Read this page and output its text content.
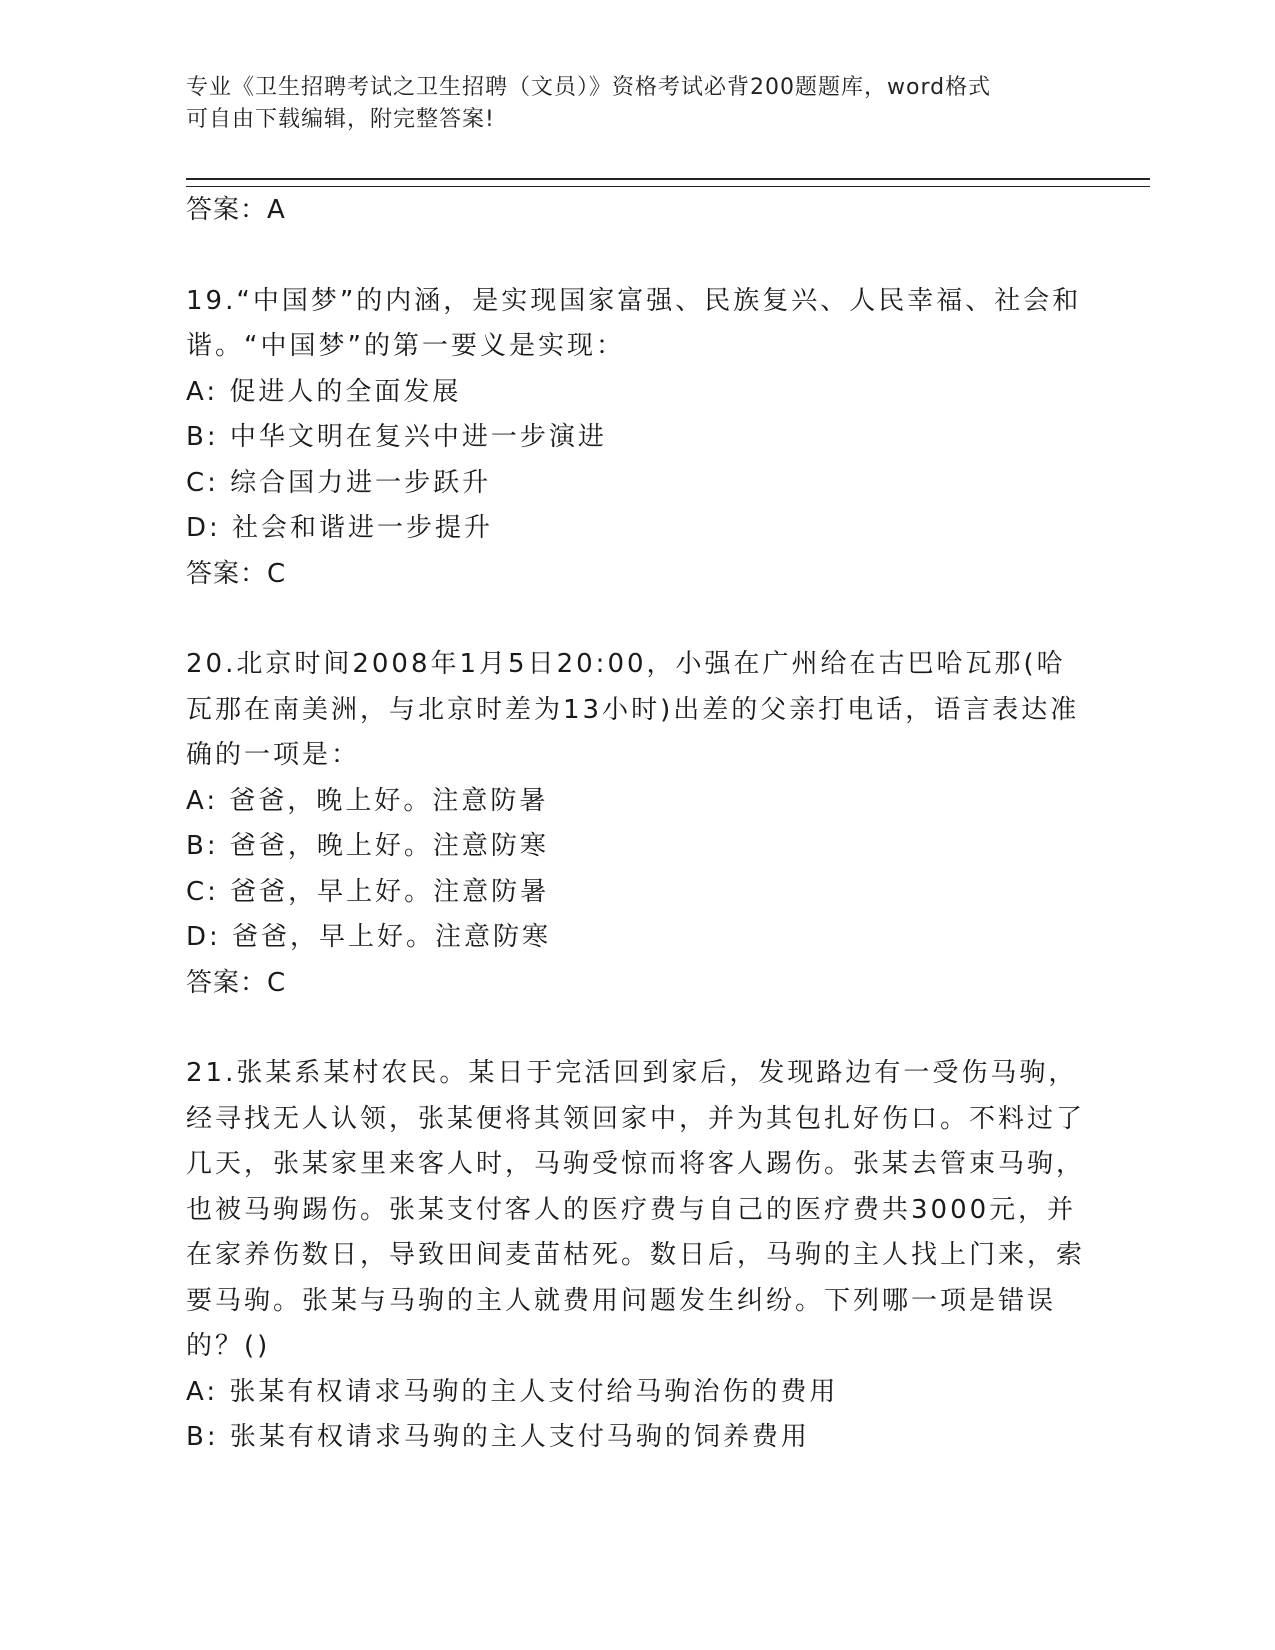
专业《卫生招聘考试之卫生招聘（文员）》资格考试必背200题题库，word格式
可自由下载编辑，附完整答案!

答案：A

19.“中国梦”的内涵，是实现国家富强、民族复兴、人民幸福、社会和谐。“中国梦”的第一要义是实现：

A: 促进人的全面发展

B: 中华文明在复兴中进一步演进

C: 综合国力进一步跃升

D: 社会和谐进一步提升

答案：C

20.北京时间2008年1月5日20:00，小强在广州给在古巴哈瓦那(哈瓦那在南美洲，与北京时差为13小时)出差的父亲打电话，语言表达准确的一项是：

A: 爸爸，晚上好。注意防暑

B: 爸爸，晚上好。注意防寒

C: 爸爸，早上好。注意防暑

D: 爸爸，早上好。注意防寒

答案：C

21.张某系某村农民。某日于完活回到家后，发现路边有一受伤马驹，经寻找无人认领，张某便将其领回家中，并为其包扎好伤口。不料过了几天，张某家里来客人时，马驹受惊而将客人踢伤。张某去管束马驹，也被马驹踢伤。张某支付客人的医疗费与自己的医疗费共3000元，并在家养伤数日，导致田间麦苗枯死。数日后，马驹的主人找上门来，索要马驹。张某与马驹的主人就费用问题发生纠纷。下列哪一项是错误的？()

A: 张某有权请求马驹的主人支付给马驹治伤的费用

B: 张某有权请求马驹的主人支付马驹的饲养费用
